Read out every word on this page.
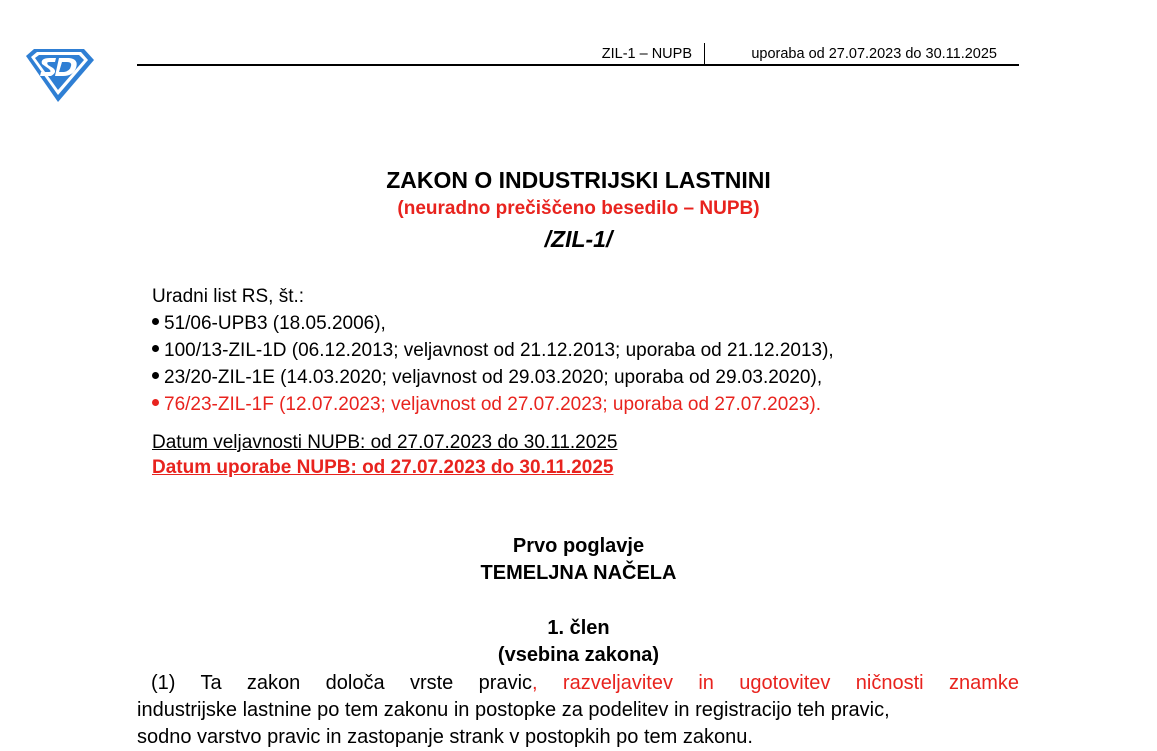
ZIL-1 – NUPB	uporaba od 27.07.2023 do 30.11.2025
ZAKON O INDUSTRIJSKI LASTNINI
(neuradno prečiščeno besedilo – NUPB)
/ZIL-1/
Uradni list RS, št.:
51/06-UPB3 (18.05.2006),
100/13-ZIL-1D (06.12.2013; veljavnost od 21.12.2013; uporaba od 21.12.2013),
23/20-ZIL-1E (14.03.2020; veljavnost od 29.03.2020; uporaba od 29.03.2020),
76/23-ZIL-1F (12.07.2023; veljavnost od 27.07.2023; uporaba od 27.07.2023).
Datum veljavnosti NUPB: od 27.07.2023 do 30.11.2025
Datum uporabe NUPB: od 27.07.2023 do 30.11.2025
Prvo poglavje
TEMELJNA NAČELA
1. člen
(vsebina zakona)
(1) Ta zakon določa vrste pravic, razveljavitev in ugotovitev ničnosti znamke
industrijske lastnine po tem zakonu in postopke za podelitev in registracijo teh pravic,
sodno varstvo pravic in zastopanje strank v postopkih po tem zakonu.
